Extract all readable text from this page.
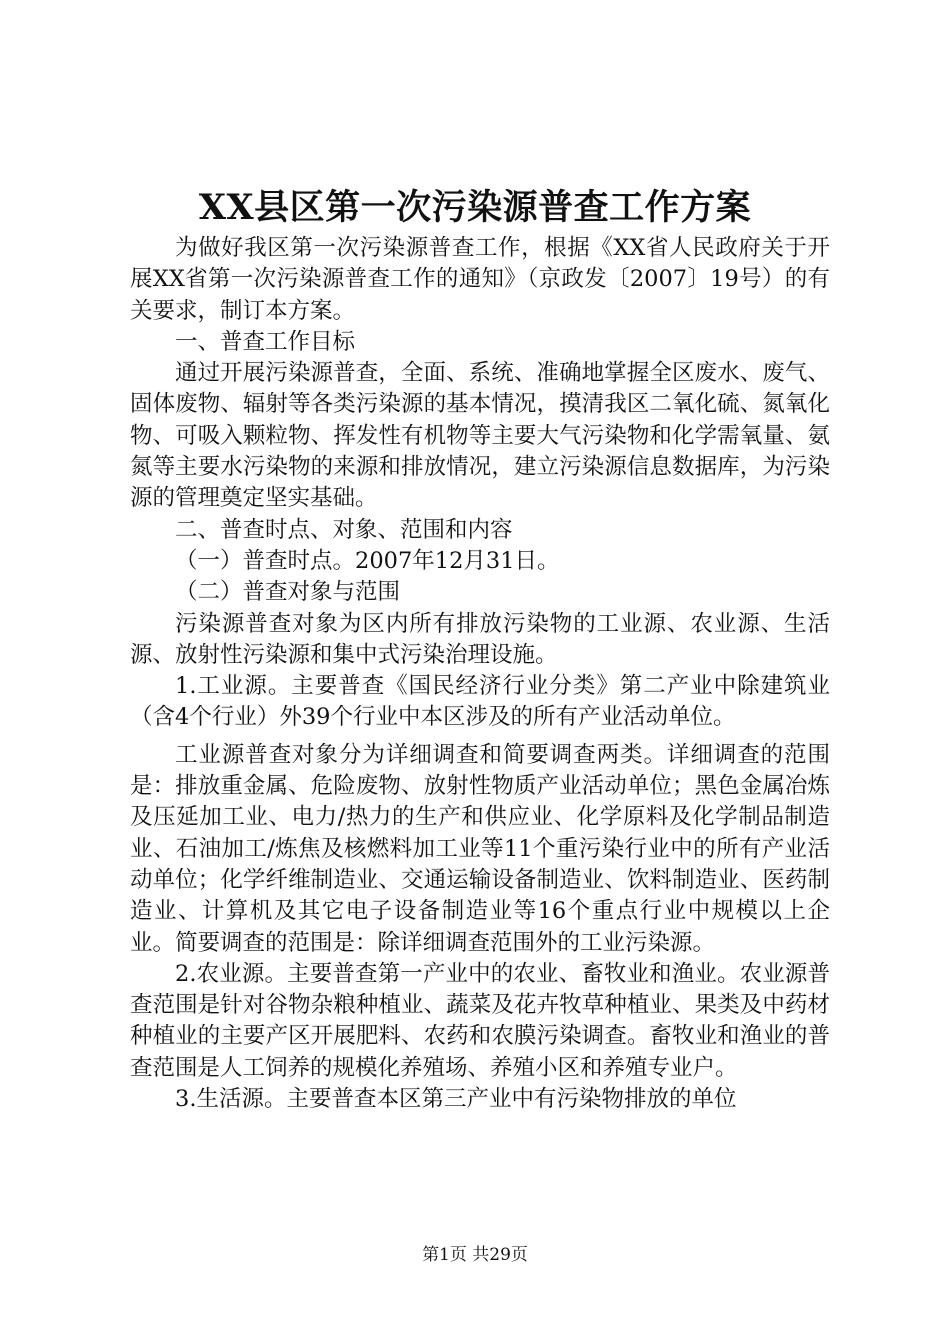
XX县区第一次污染源普查工作方案

为做好我区第一次污染源普查工作，根据《XX省人民政府关于开展XX省第一次污染源普查工作的通知》（京政发〔2007〕19号）的有关要求，制订本方案。

一、普查工作目标

通过开展污染源普查，全面、系统、准确地掌握全区废水、废气、固体废物、辐射等各类污染源的基本情况，摸清我区二氧化硫、氮氧化物、可吸入颗粒物、挥发性有机物等主要大气污染物和化学需氧量、氨氮等主要水污染物的来源和排放情况，建立污染源信息数据库，为污染源的管理奠定坚实基础。

二、普查时点、对象、范围和内容

（一）普查时点。2007年12月31日。

（二）普查对象与范围

污染源普查对象为区内所有排放污染物的工业源、农业源、生活源、放射性污染源和集中式污染治理设施。

1.工业源。主要普查《国民经济行业分类》第二产业中除建筑业（含4个行业）外39个行业中本区涉及的所有产业活动单位。

工业源普查对象分为详细调查和简要调查两类。详细调查的范围是：排放重金属、危险废物、放射性物质产业活动单位；黑色金属冶炼及压延加工业、电力/热力的生产和供应业、化学原料及化学制品制造业、石油加工/炼焦及核燃料加工业等11个重污染行业中的所有产业活动单位；化学纤维制造业、交通运输设备制造业、饮料制造业、医药制造业、计算机及其它电子设备制造业等16个重点行业中规模以上企业。简要调查的范围是：除详细调查范围外的工业污染源。

2.农业源。主要普查第一产业中的农业、畜牧业和渔业。农业源普查范围是针对谷物杂粮种植业、蔬菜及花卉牧草种植业、果类及中药材种植业的主要产区开展肥料、农药和农膜污染调查。畜牧业和渔业的普查范围是人工饲养的规模化养殖场、养殖小区和养殖专业户。

3.生活源。主要普查本区第三产业中有污染物排放的单位

第1页 共29页
